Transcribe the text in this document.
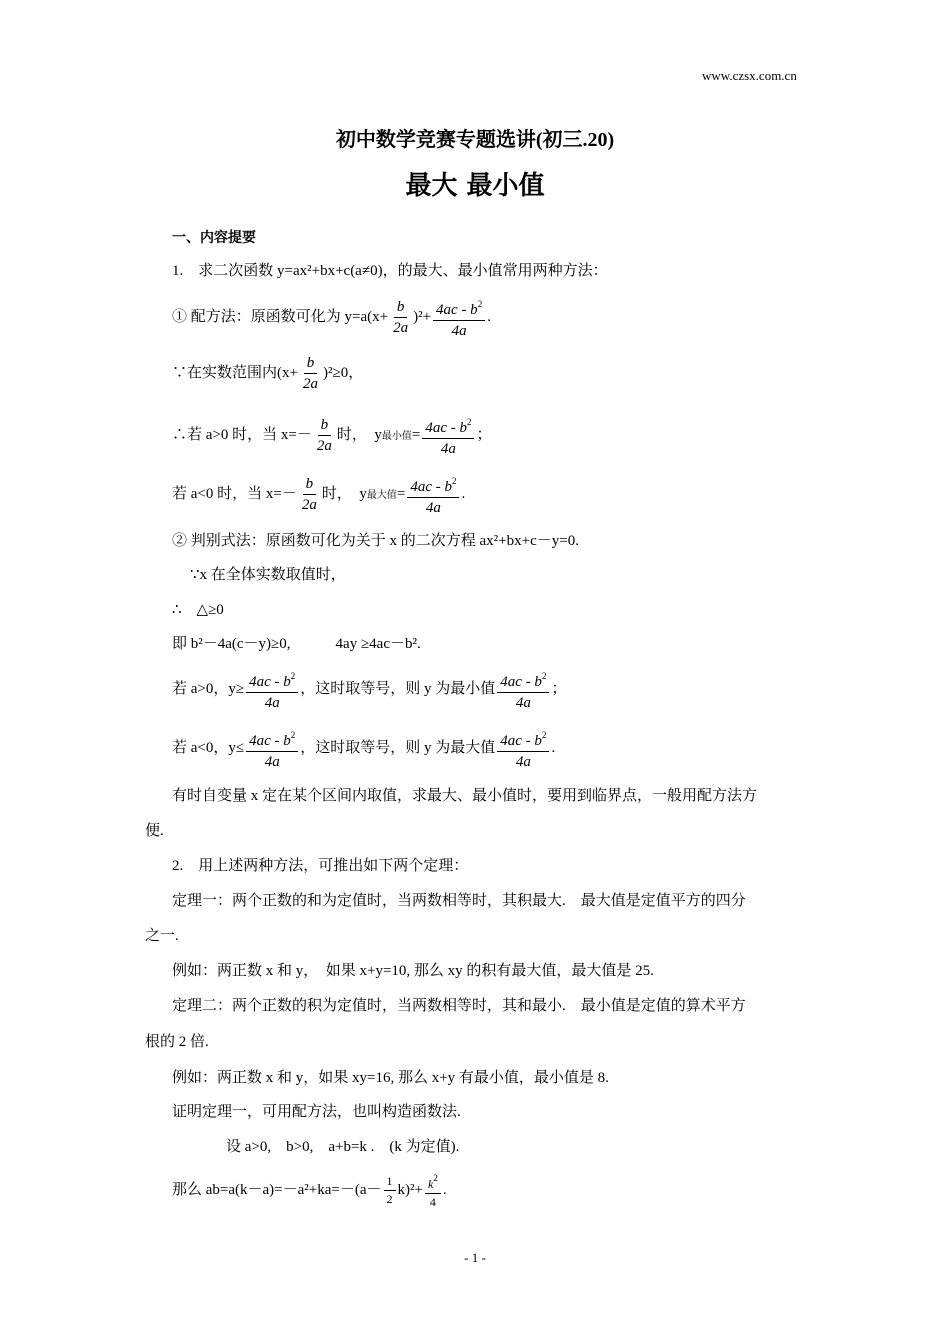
www.czsx.com.cn
初中数学竞赛专题选讲(初三.20)
最大 最小值
一、内容提要
1.　求二次函数 y=ax²+bx+c(a≠0)，的最大、最小值常用两种方法：
① 配方法：原函数可化为 $y=a(x+ \frac{b}{2a} )^2+ \frac{4ac - b^2}{4a}$ .
∵在实数范围内$(x+ \frac{b}{2a} )^2\ge 0$，
∴若 a>0 时，当 $x=- \frac{b}{2a}$ 时，　y最小值= $\frac{4ac - b^2}{4a}$ ；
若 a<0 时，当 $x=- \frac{b}{2a}$ 时，　y最大值= $\frac{4ac - b^2}{4a}$ .
② 判别式法：原函数可化为关于 x 的二次方程 ax²+bx+c－y=0.
∵x 在全体实数取值时，
∴　△≥0
即 b²－4a(c－y)≥0,　　　4ay ≥4ac－b².
若 a>0，$y\ge \frac{4ac - b^2}{4a}$ ，这时取等号，则 y 为最小值 $\frac{4ac - b^2}{4a}$ ；
若 a<0，$y\le \frac{4ac - b^2}{4a}$ ，这时取等号，则 y 为最大值 $\frac{4ac - b^2}{4a}$ .
有时自变量 x 定在某个区间内取值，求最大、最小值时，要用到临界点，一般用配方法方
便.
2.　用上述两种方法，可推出如下两个定理：
定理一：两个正数的和为定值时，当两数相等时，其积最大.　最大值是定值平方的四分
之一.
例如：两正数 x 和 y，　如果 x+y=10, 那么 xy 的积有最大值，最大值是 25.
定理二：两个正数的积为定值时，当两数相等时，其和最小.　最小值是定值的算术平方
根的 2 倍.
例如：两正数 x 和 y，如果 xy=16, 那么 x+y 有最小值，最小值是 8.
证明定理一，可用配方法，也叫构造函数法.
设 a>0,　b>0,　a+b=k .　(k 为定值).
那么 $ab=a(k-a)=-a^2+ka=-(a- \frac{1}{2} k)^2+ \frac{k^2}{4}$ .
- 1 -
